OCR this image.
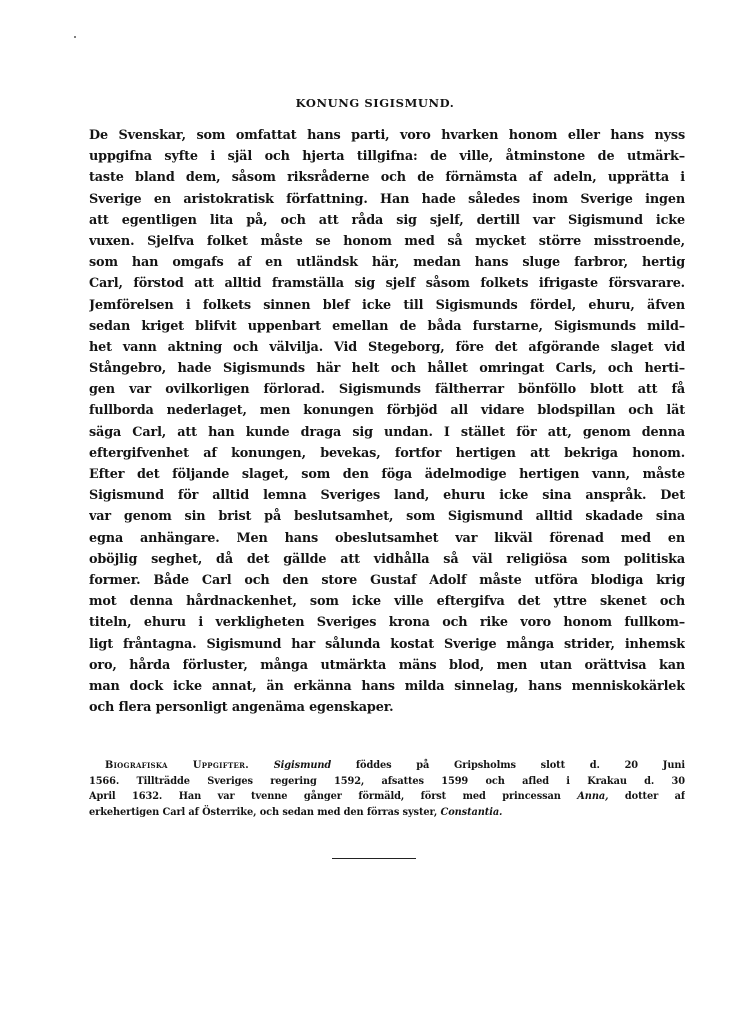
KONUNG SIGISMUND.
De Svenskar, som omfattat hans parti, voro hvarken honom eller hans nyss
uppgifna syfte i själ och hjerta tillgifna: de ville, åtminstone de utmärk–
taste bland dem, såsom riksråderne och de förnämsta af adeln, upprätta i
Sverige en aristokratisk författning. Han hade således inom Sverige ingen
att egentligen lita på, och att råda sig sjelf, dertill var Sigismund icke
vuxen. Sjelfva folket måste se honom med så mycket större misstroende,
som han omgafs af en utländsk här, medan hans sluge farbror, hertig
Carl, förstod att alltid framställa sig sjelf såsom folkets ifrigaste försvarare.
Jemförelsen i folkets sinnen blef icke till Sigismunds fördel, ehuru, äfven
sedan kriget blifvit uppenbart emellan de båda furstarne, Sigismunds mild–
het vann aktning och välvilja. Vid Stegeborg, före det afgörande slaget vid
Stångebro, hade Sigismunds här helt och hållet omringat Carls, och herti–
gen var ovilkorligen förlorad. Sigismunds fältherrar bönföllo blott att få
fullborda nederlaget, men konungen förbjöd all vidare blodspillan och lät
säga Carl, att han kunde draga sig undan. I stället för att, genom denna
eftergifvenhet af konungen, bevekas, fortfor hertigen att bekriga honom.
Efter det följande slaget, som den föga ädelmodige hertigen vann, måste
Sigismund för alltid lemna Sveriges land, ehuru icke sina anspråk. Det
var genom sin brist på beslutsamhet, som Sigismund alltid skadade sina
egna anhängare. Men hans obeslutsamhet var likväl förenad med en
oböjlig seghet, då det gällde att vidhålla så väl religiösa som politiska
former. Både Carl och den store Gustaf Adolf måste utföra blodiga krig
mot denna hårdnackenhet, som icke ville eftergifva det yttre skenet och
titeln, ehuru i verkligheten Sveriges krona och rike voro honom fullkom–
ligt fråntagna. Sigismund har sålunda kostat Sverige många strider, inhemsk
oro, hårda förluster, många utmärkta mäns blod, men utan orättvisa kan
man dock icke annat, än erkänna hans milda sinnelag, hans menniskokärlek
och flera personligt angenäma egenskaper.
Biografiska Uppgifter.	Sigismund	föddes på Gripsholms slott d. 20 Juni
1566. Tillträdde Sveriges regering 1592, afsattes 1599 och afled i Krakau d. 30
April 1632. Han var tvenne gånger förmäld, först med princessan Anna, dotter af
erkehertigen Carl af Österrike, och sedan med den förras syster, Constantia.
